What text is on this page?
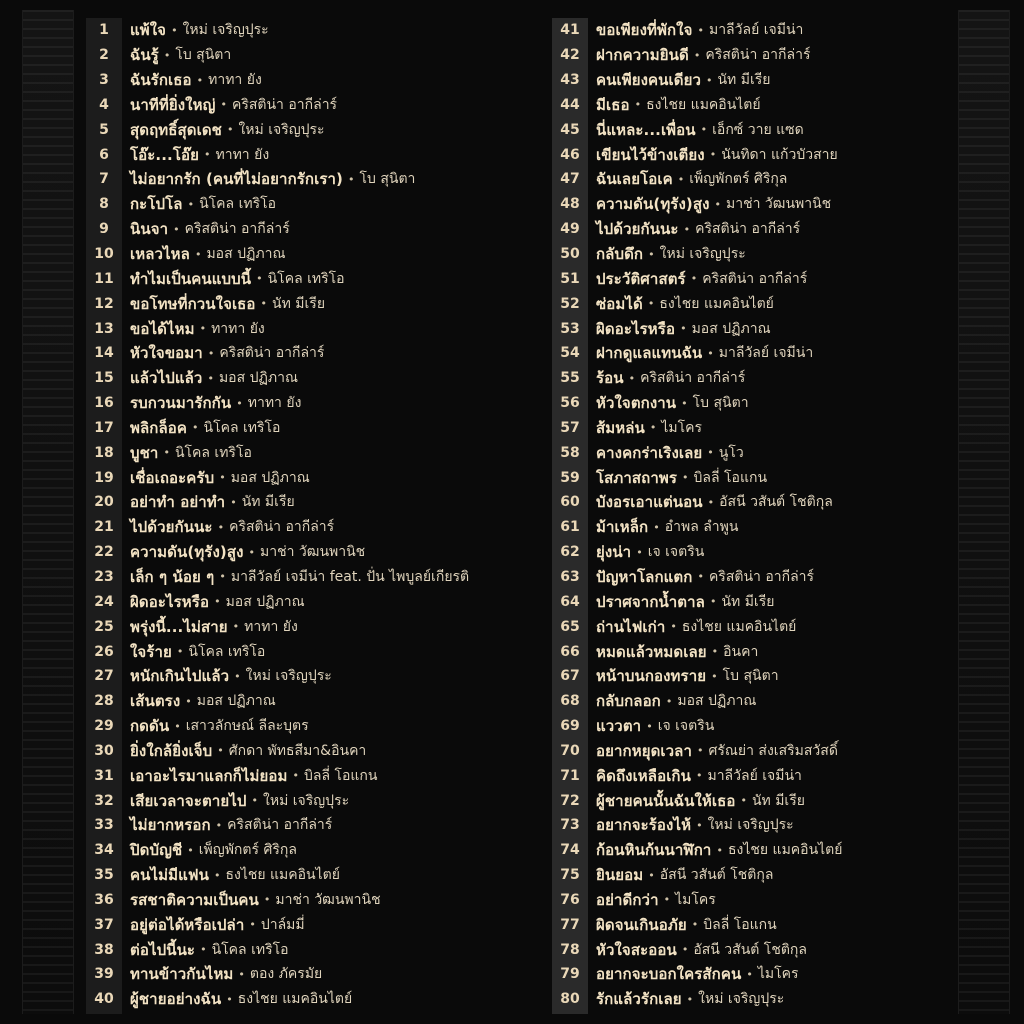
1	แพ้ใจ • ใหม่ เจริญปุระ
2	ฉันรู้ • โบ สุนิตา
3	ฉันรักเธอ • ทาทา ยัง
4	นาทีที่ยิ่งใหญ่ • คริสติน่า อากีล่าร์
5	สุดฤทธิ์สุดเดช • ใหม่ เจริญปุระ
6	โอ๊ะ...โอ๊ย • ทาทา ยัง
7	ไม่อยากรัก (คนที่ไม่อยากรักเรา) • โบ สุนิตา
8	กะโปโล • นิโคล เทริโอ
9	นินจา • คริสติน่า อากีล่าร์
10	เหลวไหล • มอส ปฏิภาณ
11	ทำไมเป็นคนแบบนี้ • นิโคล เทริโอ
12	ขอโทษที่กวนใจเธอ • นัท มีเรีย
13	ขอได้ไหม • ทาทา ยัง
14	หัวใจขอมา • คริสติน่า อากีล่าร์
15	แล้วไปแล้ว • มอส ปฏิภาณ
16	รบกวนมารักกัน • ทาทา ยัง
17	พลิกล็อค • นิโคล เทริโอ
18	บูชา • นิโคล เทริโอ
19	เชื่อเถอะครับ • มอส ปฏิภาณ
20	อย่าทำ อย่าทำ • นัท มีเรีย
21	ไปด้วยกันนะ • คริสติน่า อากีล่าร์
22	ความดัน(ทุรัง)สูง • มาช่า วัฒนพานิช
23	เล็ก ๆ น้อย ๆ • มาลีวัลย์ เจมีน่า feat. ปั่น ไพบูลย์เกียรติ
24	ผิดอะไรหรือ • มอส ปฏิภาณ
25	พรุ่งนี้...ไม่สาย • ทาทา ยัง
26	ใจร้าย • นิโคล เทริโอ
27	หนักเกินไปแล้ว • ใหม่ เจริญปุระ
28	เส้นตรง • มอส ปฏิภาณ
29	กดดัน • เสาวลักษณ์ ลีละบุตร
30	ยิ่งใกล้ยิ่งเจ็บ • ศักดา พัทธสีมา&อินคา
31	เอาอะไรมาแลกก็ไม่ยอม • บิลลี่ โอแกน
32	เสียเวลาจะตายไป • ใหม่ เจริญปุระ
33	ไม่ยากหรอก • คริสติน่า อากีล่าร์
34	ปิดบัญชี • เพ็ญพักตร์ ศิริกุล
35	คนไม่มีแฟน • ธงไชย แมคอินไตย์
36	รสชาติความเป็นคน • มาช่า วัฒนพานิช
37	อยู่ต่อได้หรือเปล่า • ปาล์มมี่
38	ต่อไปนี้นะ • นิโคล เทริโอ
39	ทานข้าวกันไหม • ตอง ภัครมัย
40	ผู้ชายอย่างฉัน • ธงไชย แมคอินไตย์
41	ขอเพียงที่พักใจ • มาลีวัลย์ เจมีน่า
42	ฝากความยินดี • คริสติน่า อากีล่าร์
43	คนเพียงคนเดียว • นัท มีเรีย
44	มีเธอ • ธงไชย แมคอินไตย์
45	นี่แหละ...เพื่อน • เอ็กซ์ วาย แซด
46	เขียนไว้ข้างเตียง • นันทิดา แก้วบัวสาย
47	ฉันเลยโอเค • เพ็ญพักตร์ ศิริกุล
48	ความดัน(ทุรัง)สูง • มาช่า วัฒนพานิช
49	ไปด้วยกันนะ • คริสติน่า อากีล่าร์
50	กลับดึก • ใหม่ เจริญปุระ
51	ประวัติศาสตร์ • คริสติน่า อากีล่าร์
52	ซ่อมได้ • ธงไชย แมคอินไตย์
53	ผิดอะไรหรือ • มอส ปฏิภาณ
54	ฝากดูแลแทนฉัน • มาลีวัลย์ เจมีน่า
55	ร้อน • คริสติน่า อากีล่าร์
56	หัวใจตกงาน • โบ สุนิตา
57	ส้มหล่น • ไมโคร
58	คางคกร่าเริงเลย • นูโว
59	โสภาสถาพร • บิลลี่ โอแกน
60	บังอรเอาแต่นอน • อัสนี วสันต์ โชติกุล
61	ม้าเหล็ก • อำพล ลำพูน
62	ยุ่งน่า • เจ เจตริน
63	ปัญหาโลกแตก • คริสติน่า อากีล่าร์
64	ปราศจากน้ำตาล • นัท มีเรีย
65	ถ่านไฟเก่า • ธงไชย แมคอินไตย์
66	หมดแล้วหมดเลย • อินคา
67	หน้าบนกองทราย • โบ สุนิตา
68	กลับกลอก • มอส ปฏิภาณ
69	แววตา • เจ เจตริน
70	อยากหยุดเวลา • ศรัณย่า ส่งเสริมสวัสดิ์
71	คิดถึงเหลือเกิน • มาลีวัลย์ เจมีน่า
72	ผู้ชายคนนั้นฉันให้เธอ • นัท มีเรีย
73	อยากจะร้องไห้ • ใหม่ เจริญปุระ
74	ก้อนหินก้นนาฬิกา • ธงไชย แมคอินไตย์
75	ยินยอม • อัสนี วสันต์ โชติกุล
76	อย่าดีกว่า • ไมโคร
77	ผิดจนเกินอภัย • บิลลี่ โอแกน
78	หัวใจสะออน • อัสนี วสันต์ โชติกุล
79	อยากจะบอกใครสักคน • ไมโคร
80	รักแล้วรักเลย • ใหม่ เจริญปุระ
